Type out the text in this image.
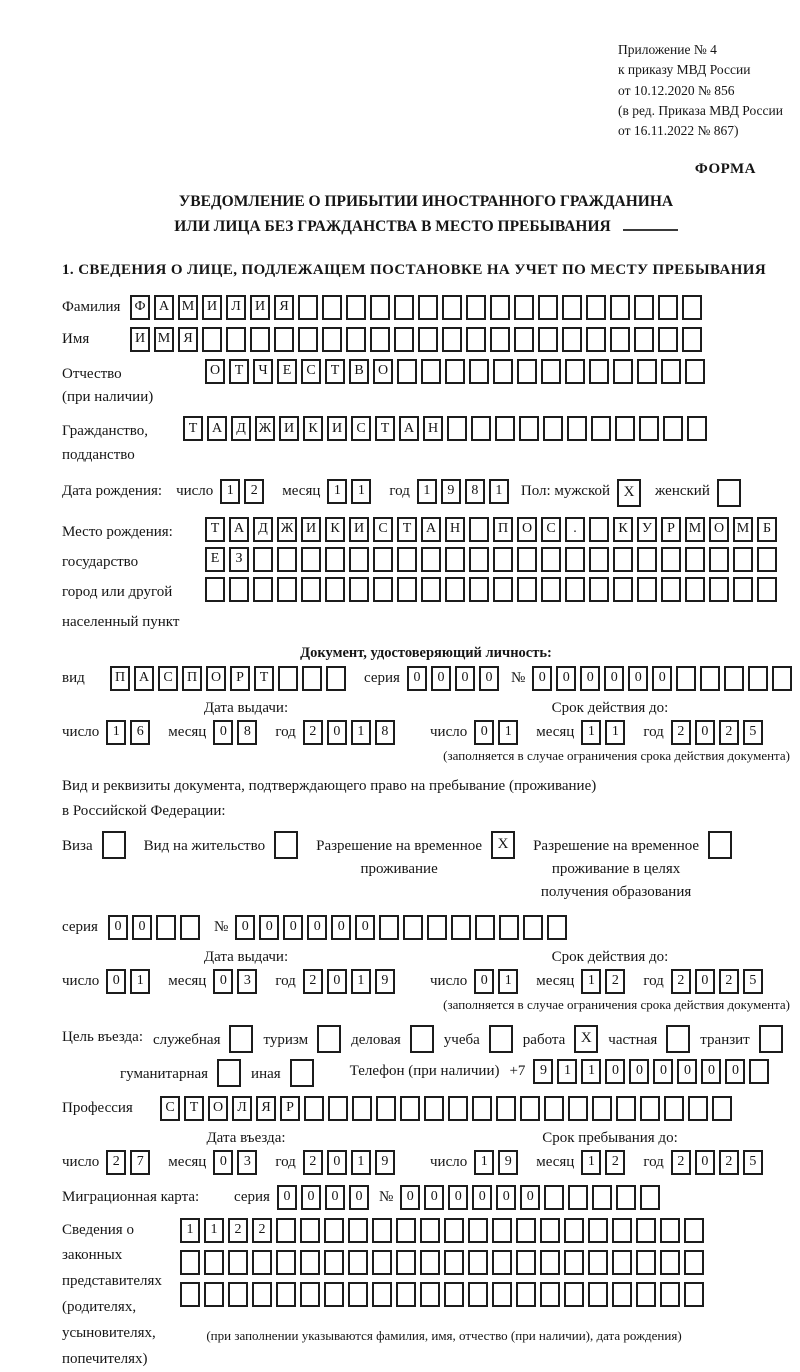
Приложение № 4
к приказу МВД России
от 10.12.2020 № 856
(в ред. Приказа МВД России
от 16.11.2022 № 867)
ФОРМА
УВЕДОМЛЕНИЕ О ПРИБЫТИИ ИНОСТРАННОГО ГРАЖДАНИНА
ИЛИ ЛИЦА БЕЗ ГРАЖДАНСТВА В МЕСТО ПРЕБЫВАНИЯ
1. СВЕДЕНИЯ О ЛИЦЕ, ПОДЛЕЖАЩЕМ ПОСТАНОВКЕ НА УЧЕТ ПО МЕСТУ ПРЕБЫВАНИЯ
Фамилия	Ф А М И	Л	И	Я
Имя	И М Я
Отчество
(при наличии)
О	Т	Ч	Е	С	Т	В	О
Гражданство,
подданство
Т	А	Д Ж И	К	И	С	Т	А Н
Дата рождения: число 1	2	месяц 1	1	год 1	9	8	1	Пол: мужской X	женский
Место рождения:
государство
город или другой
населенный пункт
Т	А	Д Ж И	К	И	С	Т	А Н	П О	С	.	К	У	Р М О М Б
Е	З
Документ, удостоверяющий личность:
вид	П А	С	П О	Р	Т	серия 0	0	0	0	№ 0	0	0	0	0	0
Дата выдачи:
число 1	6	месяц 0	8	год 2	0	1	8
Срок действия до:
число 0	1	месяц 1	1	год 2	0	2	5
(заполняется в случае ограничения срока действия документа)
Вид и реквизиты документа, подтверждающего право на пребывание (проживание)
в Российской Федерации:
Виза	Вид на жительство	Разрешение на временное
проживание
X	Разрешение на временное
проживание в целях
получения образования
серия	0	0	№ 0	0	0	0	0	0
Дата выдачи:
число 0	1	месяц 0	3	год 2	0	1	9
Срок действия до:
число 0	1	месяц 1	2	год 2	0	2	5
(заполняется в случае ограничения срока действия документа)
Цель въезда: служебная	туризм	деловая	учеба	работа	X	частная	транзит
гуманитарная	иная	Телефон (при наличии) +7	9	1	1	0	0	0	0	0	0
Профессия	С	Т	О	Л	Я	Р
Дата въезда:
число 2	7	месяц 0	3	год 2	0	1	9
Срок пребывания до:
число 1	9	месяц 1	2	год 2	0	2	5
Миграционная карта:	серия 0	0	0	0	№ 0	0	0	0	0	0
Сведения о
законных
представителях
(родителях,
усыновителях,
попечителях)
1	1	2	2
(при заполнении указываются фамилия, имя, отчество (при наличии), дата рождения)
